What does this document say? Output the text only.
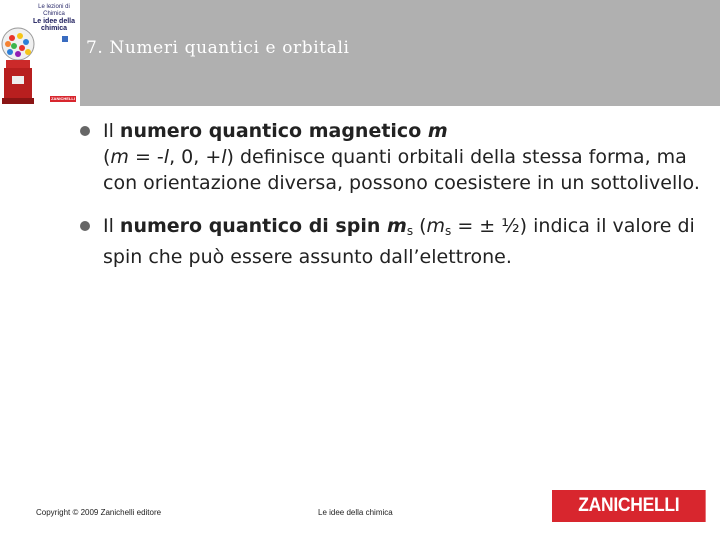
Le lezioni di Chimica
Le idee della chimica
ZANICHELLI
7. Numeri quantici e orbitali
Il numero quantico magnetico m
(m = -l, 0, +l) definisce quanti orbitali della stessa forma, ma con orientazione diversa, possono coesistere in un sottolivello.
Il numero quantico di spin $m_s$ ($m_s$ = ± ½) indica il valore di spin che può essere assunto dall’elettrone.
Copyright © 2009 Zanichelli editore	Le idee della chimica	ZANICHELLI
